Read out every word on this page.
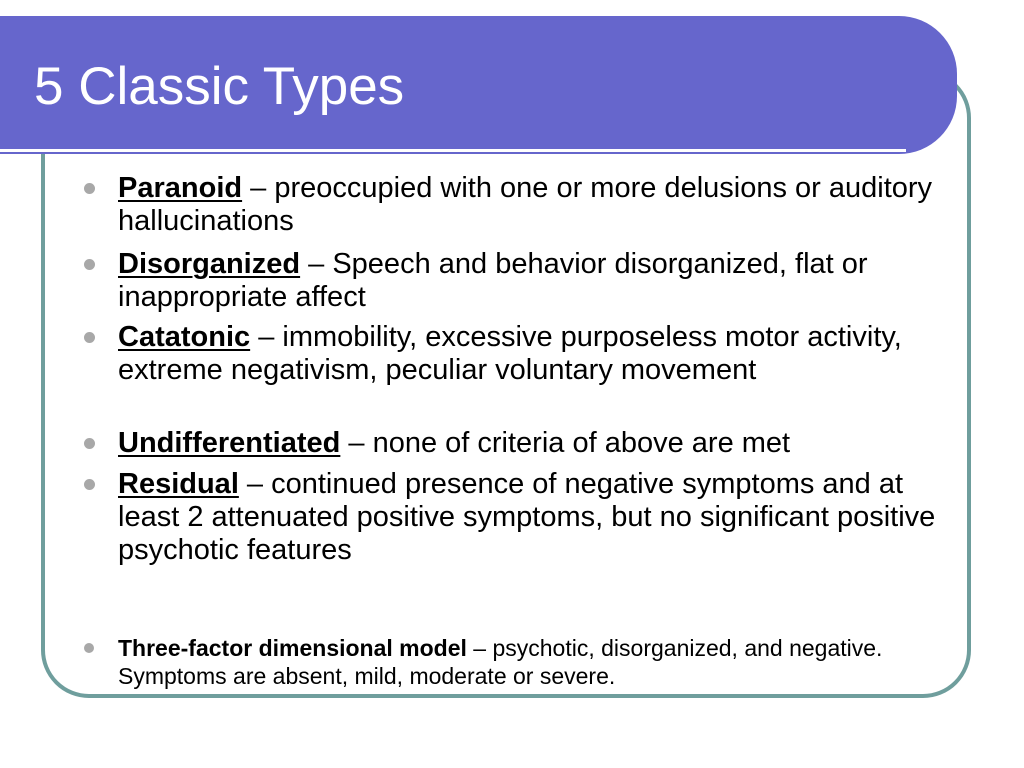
5 Classic Types
Paranoid – preoccupied with one or more delusions or auditory hallucinations
Disorganized – Speech and behavior disorganized, flat or inappropriate affect
Catatonic – immobility, excessive purposeless motor activity, extreme negativism, peculiar voluntary movement
Undifferentiated – none of criteria of above are met
Residual – continued presence of negative symptoms and at least 2 attenuated positive symptoms, but no significant positive psychotic features
Three-factor dimensional model – psychotic, disorganized, and negative. Symptoms are absent, mild, moderate or severe.
